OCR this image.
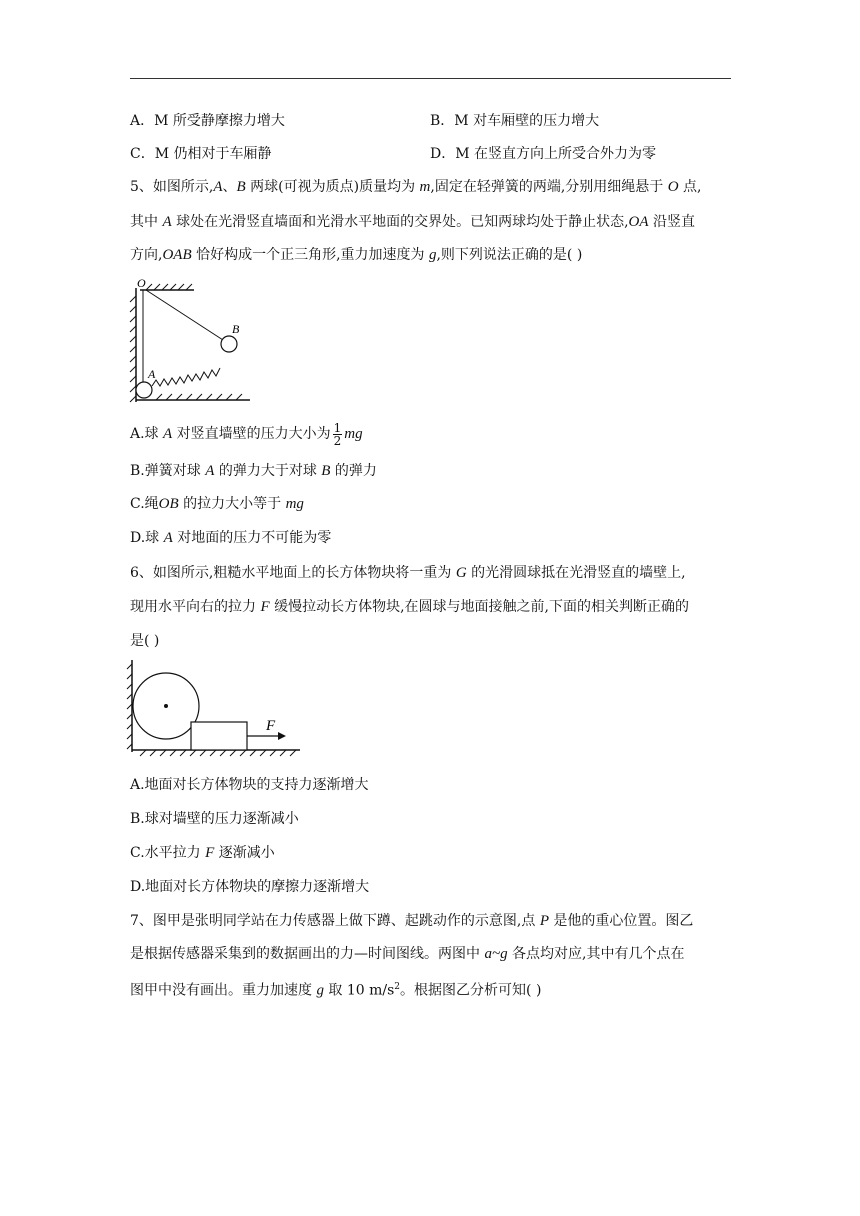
A．M 所受静摩擦力增大	B．M 对车厢壁的压力增大
C．M 仍相对于车厢静	D．M 在竖直方向上所受合外力为零
5、如图所示,A、B 两球(可视为质点)质量均为 m,固定在轻弹簧的两端,分别用细绳悬于 O 点,
其中 A 球处在光滑竖直墙面和光滑水平地面的交界处。已知两球均处于静止状态,OA 沿竖直
方向,OAB 恰好构成一个正三角形,重力加速度为 g,则下列说法正确的是( )
O
A
B
A.球 A 对竖直墙壁的压力大小为 $\frac{1}{2}$ mg
B.弹簧对球 A 的弹力大于对球 B 的弹力
C.绳OB 的拉力大小等于 mg
D.球 A 对地面的压力不可能为零
6、如图所示,粗糙水平地面上的长方体物块将一重为 G 的光滑圆球抵在光滑竖直的墙壁上,
现用水平向右的拉力 F 缓慢拉动长方体物块,在圆球与地面接触之前,下面的相关判断正确的
是( )
F
A.地面对长方体物块的支持力逐渐增大
B.球对墙壁的压力逐渐减小
C.水平拉力 F 逐渐减小
D.地面对长方体物块的摩擦力逐渐增大
7、图甲是张明同学站在力传感器上做下蹲、起跳动作的示意图,点 P 是他的重心位置。图乙
是根据传感器采集到的数据画出的力—时间图线。两图中 a~g 各点均对应,其中有几个点在
图甲中没有画出。重力加速度 g 取 10 $m/s^2$。根据图乙分析可知( )
